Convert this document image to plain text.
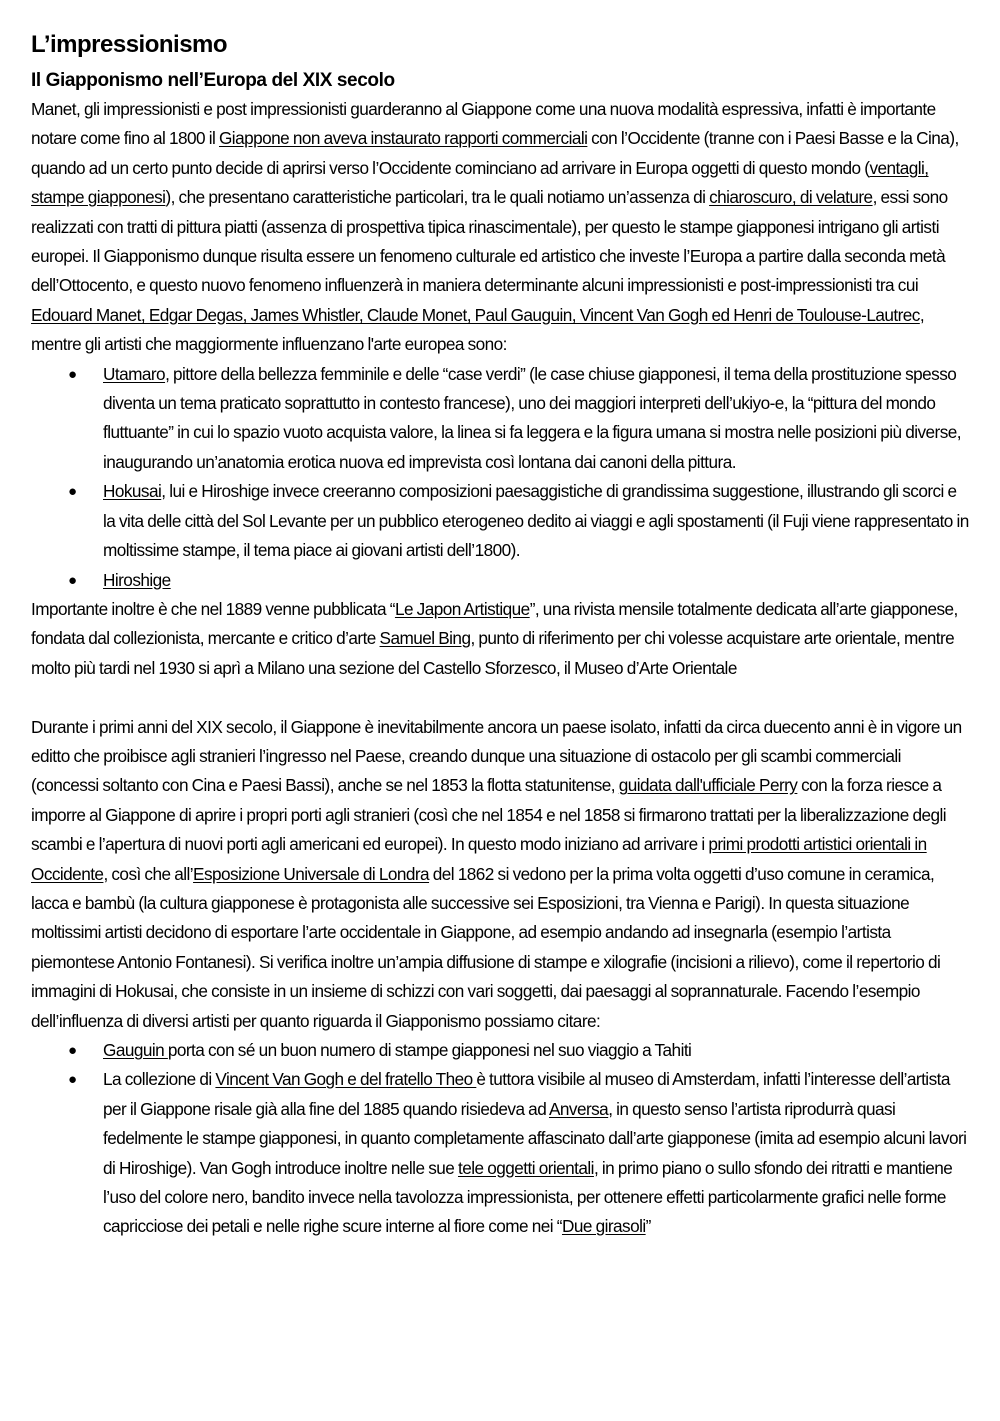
L’impressionismo
Il Giapponismo nell’Europa del XIX secolo

Manet, gli impressionisti e post impressionisti guarderanno al Giappone come una nuova modalità espressiva, infatti è importante notare come fino al 1800 il Giappone non aveva instaurato rapporti commerciali con l’Occidente (tranne con i Paesi Basse e la Cina), quando ad un certo punto decide di aprirsi verso l’Occidente cominciano ad arrivare in Europa oggetti di questo mondo (ventagli, stampe giapponesi), che presentano caratteristiche particolari, tra le quali notiamo un’assenza di chiaroscuro, di velature, essi sono realizzati con tratti di pittura piatti (assenza di prospettiva tipica rinascimentale), per questo le stampe giapponesi intrigano gli artisti europei. Il Giapponismo dunque risulta essere un fenomeno culturale ed artistico che investe l’Europa a partire dalla seconda metà dell’Ottocento, e questo nuovo fenomeno influenzerà in maniera determinante alcuni impressionisti e post-impressionisti tra cui Edouard Manet, Edgar Degas, James Whistler, Claude Monet, Paul Gauguin, Vincent Van Gogh ed Henri de Toulouse-Lautrec, mentre gli artisti che maggiormente influenzano l'arte europea sono:

● Utamaro, pittore della bellezza femminile e delle “case verdi” (le case chiuse giapponesi, il tema della prostituzione spesso diventa un tema praticato soprattutto in contesto francese), uno dei maggiori interpreti dell’ukiyo-e, la “pittura del mondo fluttuante” in cui lo spazio vuoto acquista valore, la linea si fa leggera e la figura umana si mostra nelle posizioni più diverse, inaugurando un’anatomia erotica nuova ed imprevista così lontana dai canoni della pittura.
● Hokusai, lui e Hiroshige invece creeranno composizioni paesaggistiche di grandissima suggestione, illustrando gli scorci e la vita delle città del Sol Levante per un pubblico eterogeneo dedito ai viaggi e agli spostamenti (il Fuji viene rappresentato in moltissime stampe, il tema piace ai giovani artisti dell’1800).
● Hiroshige

Importante inoltre è che nel 1889 venne pubblicata “Le Japon Artistique”, una rivista mensile totalmente dedicata all’arte giapponese, fondata dal collezionista, mercante e critico d’arte Samuel Bing, punto di riferimento per chi volesse acquistare arte orientale, mentre molto più tardi nel 1930 si aprì a Milano una sezione del Castello Sforzesco, il Museo d’Arte Orientale

Durante i primi anni del XIX secolo, il Giappone è inevitabilmente ancora un paese isolato, infatti da circa duecento anni è in vigore un editto che proibisce agli stranieri l’ingresso nel Paese, creando dunque una situazione di ostacolo per gli scambi commerciali (concessi soltanto con Cina e Paesi Bassi), anche se nel 1853 la flotta statunitense, guidata dall'ufficiale Perry con la forza riesce a imporre al Giappone di aprire i propri porti agli stranieri (così che nel 1854 e nel 1858 si firmarono trattati per la liberalizzazione degli scambi e l’apertura di nuovi porti agli americani ed europei). In questo modo iniziano ad arrivare i primi prodotti artistici orientali in Occidente, così che all’Esposizione Universale di Londra del 1862 si vedono per la prima volta oggetti d’uso comune in ceramica, lacca e bambù (la cultura giapponese è protagonista alle successive sei Esposizioni, tra Vienna e Parigi). In questa situazione moltissimi artisti decidono di esportare l’arte occidentale in Giappone, ad esempio andando ad insegnarla (esempio l’artista piemontese Antonio Fontanesi). Si verifica inoltre un’ampia diffusione di stampe e xilografie (incisioni a rilievo), come il repertorio di immagini di Hokusai, che consiste in un insieme di schizzi con vari soggetti, dai paesaggi al soprannaturale. Facendo l’esempio dell’influenza di diversi artisti per quanto riguarda il Giapponismo possiamo citare:

● Gauguin porta con sé un buon numero di stampe giapponesi nel suo viaggio a Tahiti
● La collezione di Vincent Van Gogh e del fratello Theo è tuttora visibile al museo di Amsterdam, infatti l’interesse dell’artista per il Giappone risale già alla fine del 1885 quando risiedeva ad Anversa, in questo senso l’artista riprodurrà quasi fedelmente le stampe giapponesi, in quanto completamente affascinato dall’arte giapponese (imita ad esempio alcuni lavori di Hiroshige). Van Gogh introduce inoltre nelle sue tele oggetti orientali, in primo piano o sullo sfondo dei ritratti e mantiene l’uso del colore nero, bandito invece nella tavolozza impressionista, per ottenere effetti particolarmente grafici nelle forme capricciose dei petali e nelle righe scure interne al fiore come nei “Due girasoli”
